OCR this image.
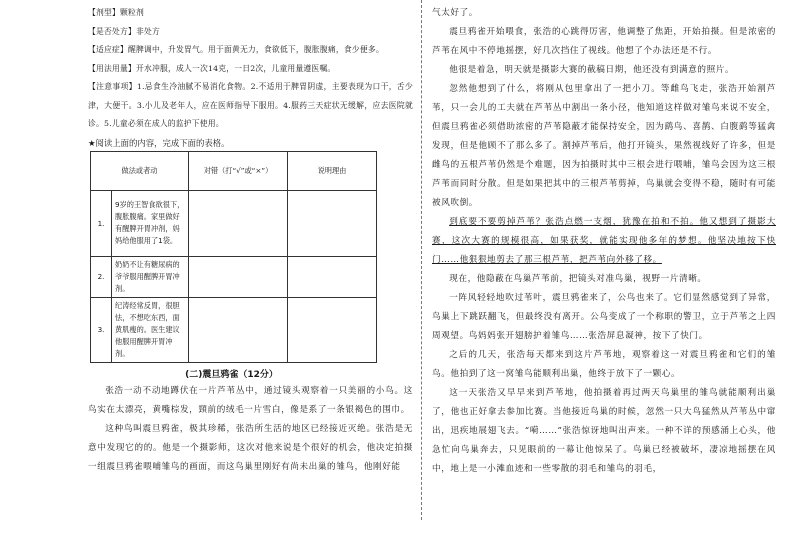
【剂型】颗粒剂

【是否处方】非处方

【适应症】醒脾调中，升发胃气。用于面黄无力，食欲低下，腹胀腹痛，食少便多。

【用法用量】开水冲服，成人一次14克，一日2次，儿童用量遵医嘱。

【注意事项】1.忌食生冷油腻不易消化食物。2.不适用于脾胃阴虚，主要表现为口干，舌少津，大便干。3.小儿及老年人，应在医师指导下服用。4.服药三天症状无缓解，应去医院就诊。5.儿童必须在成人的监护下使用。

★阅读上面的内容，完成下面的表格。
做法或者动		对错（打“√”或“×”）	说明理由
1.	9岁的王智食欲很下，腹胀腹痛。家里做好有醒脾开胃冲剂，妈妈给他服用了1袋。		
2.	奶奶不让有糖尿病的爷爷服用醒脾开胃冲剂。		
3.	纪涛经常反胃，很胆怯，不想吃东西，面黄肌瘦的。医生建议他服用醒脾开胃冲剂。		
(二)震旦鸦雀（12分）

张浩一动不动地蹲伏在一片芦苇丛中，通过镜头观察着一只美丽的小鸟。这鸟实在太漂亮，黄嘴棕发，頸前的绒毛一片雪白，像是系了一条银褐色的围巾。

这种鸟叫震旦鸦雀，极其珍稀，张浩所生活的地区已经接近灭绝。张浩是无意中发现它的的。他是一个摄影师，这次对他来说是个很好的机会，他决定拍摄一组震旦鸦雀喂哺雏鸟的画面，而这鸟巢里刚好有尚未出巢的雏鸟，他刚好能

气太好了。

震旦鸦雀开始喂食，张浩的心跳得厉害，他调整了焦距，开始拍摄。但是浓密的芦苇在风中不停地摇摆，好几次挡住了视线。他想了个办法还是不行。

他很是着急，明天就是摄影大赛的截稿日期，他还没有到满意的照片。

忽然他想到了什么，将刚从包里拿出了一把小刀。等雌鸟飞走，张浩开始割芦苇，只一会儿的工夫就在芦苇丛中割出一条小径，他知道这样做对雏鸟来说不安全，但震旦鸦雀必须借助浓密的芦苇隐蔽才能保持安全，因为鹞鸟、喜鹊、白腹鹞等猛禽发现，但是他顾不了那么多了。割掉芦苇后，他打开镜头，果然视线好了许多，但是雌鸟的五根芦苇仍然是个难题，因为拍摄时其中三根会进行喂哺，雏鸟会因为这三根芦苇而同时分散。但是如果把其中的三根芦苇剪掉，鸟巢就会变得不稳，随时有可能被风吹倒。

到底要不要剪掉芦苇？张浩点燃一支烟，犹豫在拍和不拍。他又想到了摄影大赛，这次大赛的规模很高，如果获奖，就能实现他多年的梦想。他坚决地按下快门……他狠狠地剪去了那三根芦苇，把芦苇向外移了移。

现在，他隐蔽在鸟巢芦苇前，把镜头对准鸟巢，视野一片清晰。

一阵风轻轻地吹过苇叶，震旦鸦雀来了，公鸟也来了。它们显然感觉到了异常，鸟巢上下跳跃翻飞，但最终没有离开。公鸟变成了一个称职的警卫，立于芦苇之上四周观望。鸟妈妈张开翅膀护着雏鸟……张浩屏息凝神，按下了快门。

之后的几天，张浩每天都来到这片芦苇地，观察着这一对震旦鸦雀和它们的雏鸟。他拍到了这一窝雏鸟能顺利出巢，他终于放下了一颗心。

这一天张浩又早早来到芦苇地，他拍摄着再过两天鸟巢里的雏鸟就能顺利出巢了，他也正好拿去参加比赛。当他接近鸟巢的时候，忽然一只大鸟猛然从芦苇丛中窜出，迅疾地展翅飞去。“嗬……”张浩惊讶地叫出声来。一种不详的预感涌上心头，他急忙向鸟巢奔去，只见眼前的一幕让他惊呆了。鸟巢已经被破坏，凄凉地摇摆在风中，地上是一小滩血迹和一些零散的羽毛和雏鸟的羽毛，
